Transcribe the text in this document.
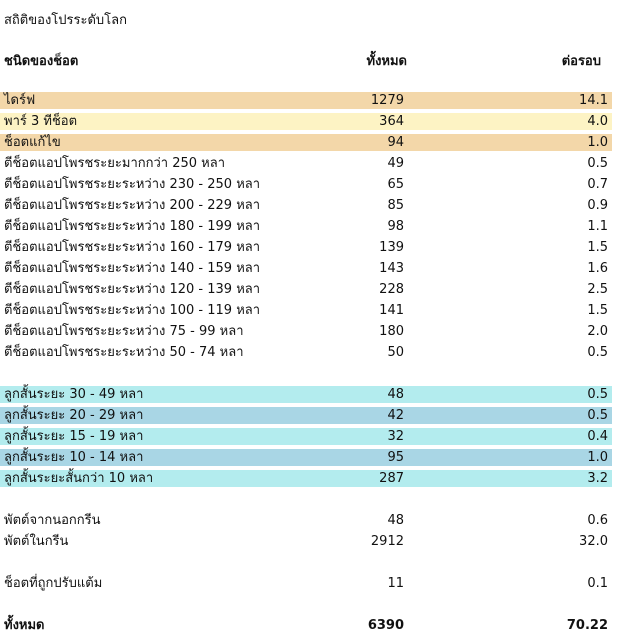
สถิติของโปรระดับโลก
ชนิดของช็อต	ทั้งหมด	ต่อรอบ
ไดร์ฟ	1279	14.1
พาร์ 3 ทีช็อต	364	4.0
ช็อตแก้ไข	94	1.0
ตีช็อตแอปโพรชระยะมากกว่า 250 หลา	49	0.5
ตีช็อตแอปโพรชระยะระหว่าง 230 - 250 หลา	65	0.7
ตีช็อตแอปโพรชระยะระหว่าง 200 - 229 หลา	85	0.9
ตีช็อตแอปโพรชระยะระหว่าง 180 - 199 หลา	98	1.1
ตีช็อตแอปโพรชระยะระหว่าง 160 - 179 หลา	139	1.5
ตีช็อตแอปโพรชระยะระหว่าง 140 - 159 หลา	143	1.6
ตีช็อตแอปโพรชระยะระหว่าง 120 - 139 หลา	228	2.5
ตีช็อตแอปโพรชระยะระหว่าง 100 - 119 หลา	141	1.5
ตีช็อตแอปโพรชระยะระหว่าง 75 - 99 หลา	180	2.0
ตีช็อตแอปโพรชระยะระหว่าง 50 - 74 หลา	50	0.5
ลูกสั้นระยะ 30 - 49 หลา	48	0.5
ลูกสั้นระยะ 20 - 29 หลา	42	0.5
ลูกสั้นระยะ 15 - 19 หลา	32	0.4
ลูกสั้นระยะ 10 - 14 หลา	95	1.0
ลูกสั้นระยะสั้นกว่า 10 หลา	287	3.2
พัตต์จากนอกกรีน	48	0.6
พัตต์ในกรีน	2912	32.0
ช็อตที่ถูกปรับแต้ม	11	0.1
ทั้งหมด	6390	70.22
